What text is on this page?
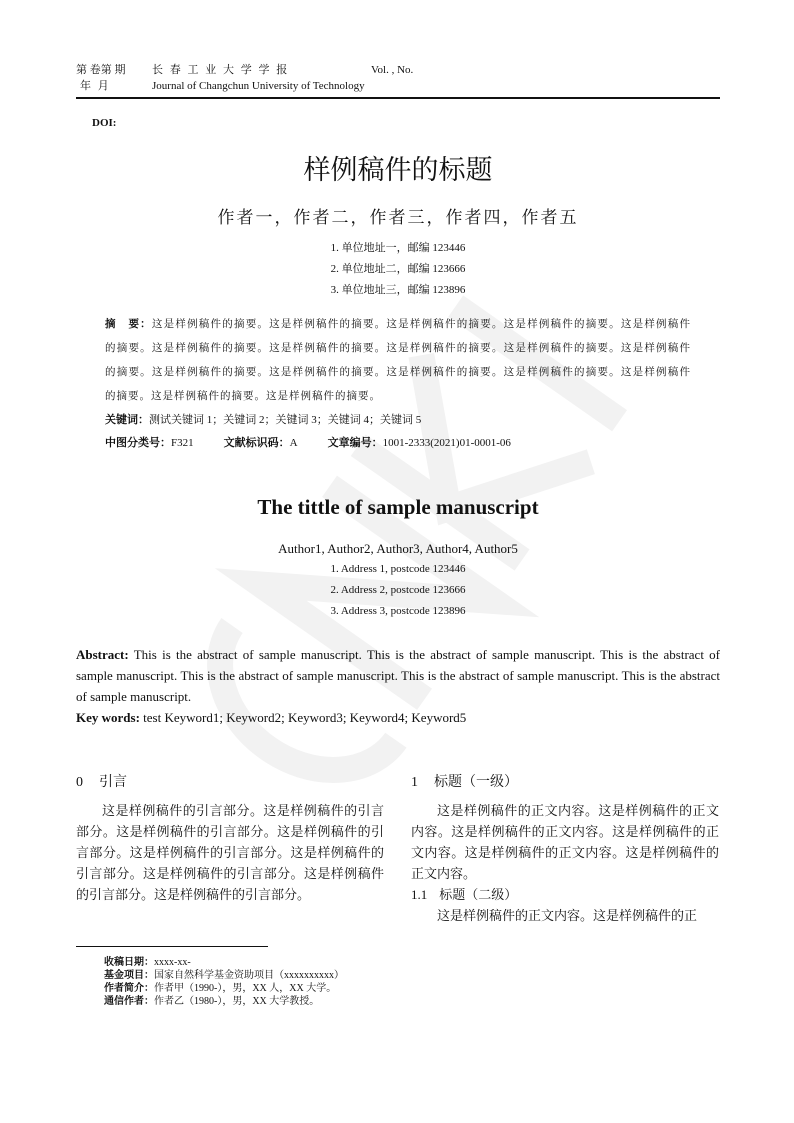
第 卷第 期	长 春 工 业 大 学 学 报	Vol. , No.
年 月	Journal of Changchun University of Technology
DOI:
样例稿件的标题
作者一，作者二，作者三，作者四，作者五
1. 单位地址一，邮编 123446
2. 单位地址二，邮编 123666
3. 单位地址三，邮编 123896
摘　要：这是样例稿件的摘要。这是样例稿件的摘要。这是样例稿件的摘要。这是样例稿件的摘要。这是样例稿件的摘要。这是样例稿件的摘要。这是样例稿件的摘要。这是样例稿件的摘要。这是样例稿件的摘要。这是样例稿件的摘要。这是样例稿件的摘要。这是样例稿件的摘要。这是样例稿件的摘要。这是样例稿件的摘要。这是样例稿件的摘要。这是样例稿件的摘要。这是样例稿件的摘要。
关键词：测试关键词 1；关键词 2；关键词 3；关键词 4；关键词 5
中图分类号：F321	文献标识码：A	文章编号：1001-2333(2021)01-0001-06
The tittle of sample manuscript
Author1, Author2, Author3, Author4, Author5
1. Address 1, postcode 123446
2. Address 2, postcode 123666
3. Address 3, postcode 123896
Abstract: This is the abstract of sample manuscript. This is the abstract of sample manuscript. This is the abstract of sample manuscript. This is the abstract of sample manuscript. This is the abstract of sample manuscript. This is the abstract of sample manuscript.
Key words: test Keyword1; Keyword2; Keyword3; Keyword4; Keyword5
0 引言

这是样例稿件的引言部分。这是样例稿件的引言部分。这是样例稿件的引言部分。这是样例稿件的引言部分。这是样例稿件的引言部分。这是样例稿件的引言部分。这是样例稿件的引言部分。这是样例稿件的引言部分。这是样例稿件的引言部分。

1 标题（一级）

这是样例稿件的正文内容。这是样例稿件的正文内容。这是样例稿件的正文内容。这是样例稿件的正文内容。这是样例稿件的正文内容。这是样例稿件的正文内容。

1.1 标题（二级）

这是样例稿件的正文内容。这是样例稿件的正

收稿日期：xxxx-xx-
基金项目：国家自然科学基金资助项目（xxxxxxxxxx）
作者简介：作者甲（1990-），男，XX 人，XX 大学。
通信作者：作者乙（1980-），男，XX 大学教授。
